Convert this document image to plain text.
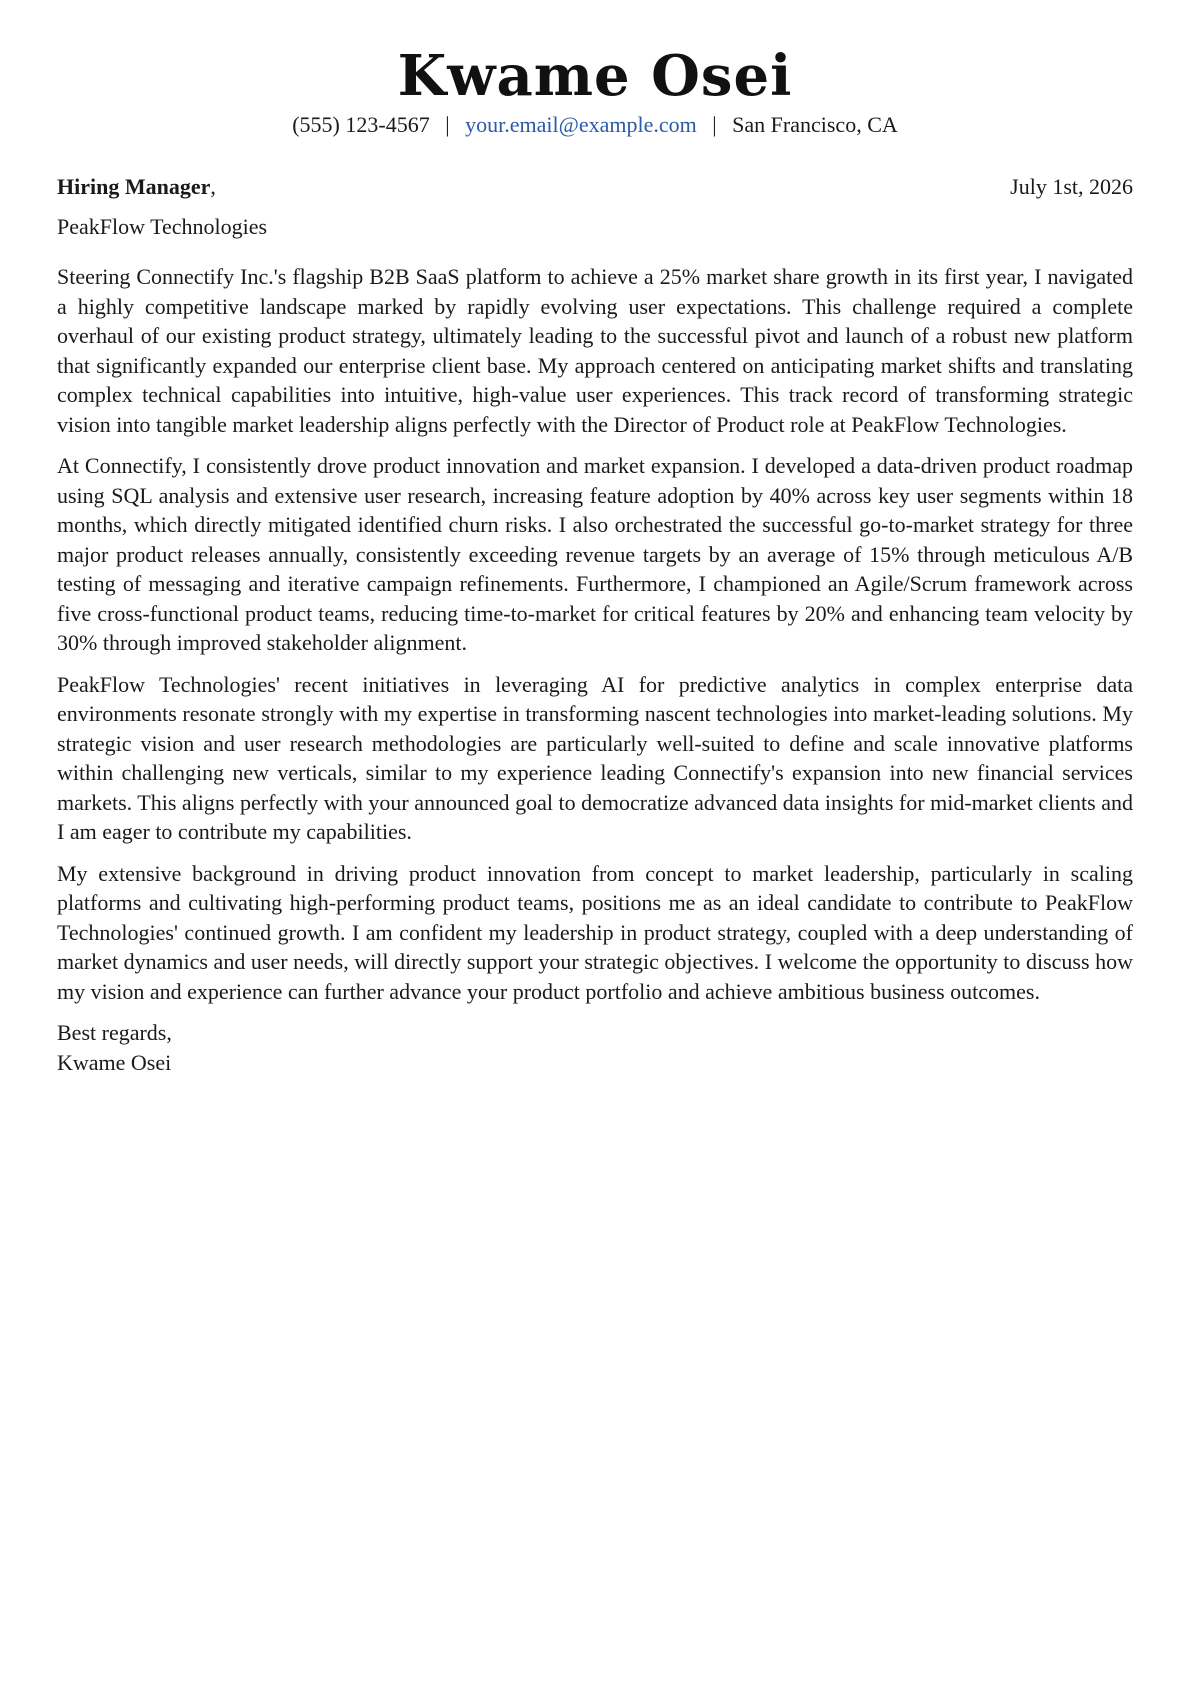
Kwame Osei
(555) 123-4567 | your.email@example.com | San Francisco, CA
Hiring Manager,	July 1st, 2026
PeakFlow Technologies

Steering Connectify Inc.'s flagship B2B SaaS platform to achieve a 25% market share growth in its first year, I navigated a highly competitive landscape marked by rapidly evolving user expectations. This challenge required a complete overhaul of our existing product strategy, ultimately leading to the successful pivot and launch of a robust new platform that significantly expanded our enterprise client base. My approach centered on anticipating market shifts and translating complex technical capabilities into intuitive, high-value user experiences. This track record of transforming strategic vision into tangible market leadership aligns perfectly with the Director of Product role at PeakFlow Technologies.

At Connectify, I consistently drove product innovation and market expansion. I developed a data-driven product roadmap using SQL analysis and extensive user research, increasing feature adoption by 40% across key user segments within 18 months, which directly mitigated identified churn risks. I also orchestrated the successful go-to-market strategy for three major product releases annually, consistently exceeding revenue targets by an average of 15% through meticulous A/B testing of messaging and iterative campaign refinements. Furthermore, I championed an Agile/Scrum framework across five cross-functional product teams, reducing time-to-market for critical features by 20% and enhancing team velocity by 30% through improved stakeholder alignment.

PeakFlow Technologies' recent initiatives in leveraging AI for predictive analytics in complex enterprise data environments resonate strongly with my expertise in transforming nascent technologies into market-leading solutions. My strategic vision and user research methodologies are particularly well-suited to define and scale innovative platforms within challenging new verticals, similar to my experience leading Connectify's expansion into new financial services markets. This aligns perfectly with your announced goal to democratize advanced data insights for mid-market clients and I am eager to contribute my capabilities.

My extensive background in driving product innovation from concept to market leadership, particularly in scaling platforms and cultivating high-performing product teams, positions me as an ideal candidate to contribute to PeakFlow Technologies' continued growth. I am confident my leadership in product strategy, coupled with a deep understanding of market dynamics and user needs, will directly support your strategic objectives. I welcome the opportunity to discuss how my vision and experience can further advance your product portfolio and achieve ambitious business outcomes.

Best regards,
Kwame Osei
